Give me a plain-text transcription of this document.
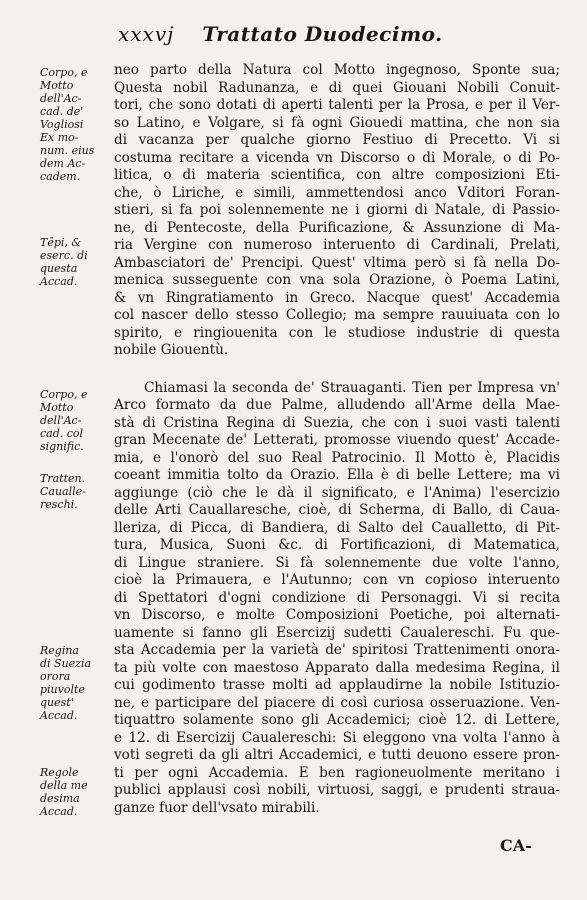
xxxvj Trattato Duodecimo.
Corpo, e
Motto
dell'Ac-
cad. de'
Vogliosi
Ex mo-
num. eius
dem Ac-
cadem.
Tēpi, &
eserc. di
questa
Accad.
Corpo, e
Motto
dell'Ac-
cad. col
signific.
Tratten.
Caualle-
reschi.
Regina
di Suezia
orora
piuvolte
quest'
Accad.
Regole
della me
desima
Accad.
neo parto della Natura col Motto ingegnoso, Sponte sua;
Questa nobil Radunanza, e di quei Giouani Nobili Conuit-
tori, che sono dotati di aperti talenti per la Prosa, e per il Ver-
so Latino, e Volgare, si fà ogni Giouedi mattina, che non sia
di vacanza per qualche giorno Festiuo di Precetto. Vi si
costuma recitare a vicenda vn Discorso o di Morale, o di Po-
litica, o di materia scientifica, con altre composizioni Eti-
che, ò Liriche, e simili, ammettendosi anco Vditori Foran-
stieri, si fa poi solennemente ne i giorni di Natale, di Passio-
ne, di Pentecoste, della Purificazione, & Assunzione di Ma-
ria Vergine con numeroso interuento di Cardinali, Prelati,
Ambasciatori de' Prencipi. Quest' vltima però si fà nella Do-
menica susseguente con vna sola Orazione, ò Poema Latini,
& vn Ringratiamento in Greco. Nacque quest' Accademia
col nascer dello stesso Collegio; ma sempre rauuiuata con lo
spirito, e ringiouenita con le studiose industrie di questa
nobile Giouentù.
Chiamasi la seconda de' Strauaganti. Tien per Impresa vn'
Arco formato da due Palme, alludendo all'Arme della Mae-
stà di Cristina Regina di Suezia, che con i suoi vasti talenti
gran Mecenate de' Letterati, promosse viuendo quest' Accade-
mia, e l'onorò del suo Real Patrocinio. Il Motto è, Placidis
coeant immitia tolto da Orazio. Ella è di belle Lettere; ma vi
aggiunge (ciò che le dà il significato, e l'Anima) l'esercizio
delle Arti Cauallaresche, cioè, di Scherma, di Ballo, di Caua-
lleriza, di Picca, di Bandiera, di Salto del Caualletto, di Pit-
tura, Musica, Suoni &c. di Fortificazioni, di Matematica,
di Lingue straniere. Si fà solennemente due volte l'anno,
cioè la Primauera, e l'Autunno; con vn copioso interuento
di Spettatori d'ogni condizione di Personaggi. Vi si recita
vn Discorso, e molte Composizioni Poetiche, poi alternati-
uamente si fanno gli Esercizij sudetti Caualereschi. Fu que-
sta Accademia per la varietà de' spiritosi Trattenimenti onora-
ta più volte con maestoso Apparato dalla medesima Regina, il
cui godimento trasse molti ad applaudirne la nobile Istituzio-
ne, e participare del piacere di così curiosa osseruazione. Ven-
tiquattro solamente sono gli Accademici; cioè 12. di Lettere,
e 12. di Esercizij Caualereschi: Si eleggono vna volta l'anno à
voti segreti da gli altri Accademici, e tutti deuono essere pron-
ti per ogni Accademia. E ben ragioneuolmente meritano i
publici applausi così nobili, virtuosi, saggi, e prudenti straua-
ganze fuor dell'vsato mirabili.
CA-
